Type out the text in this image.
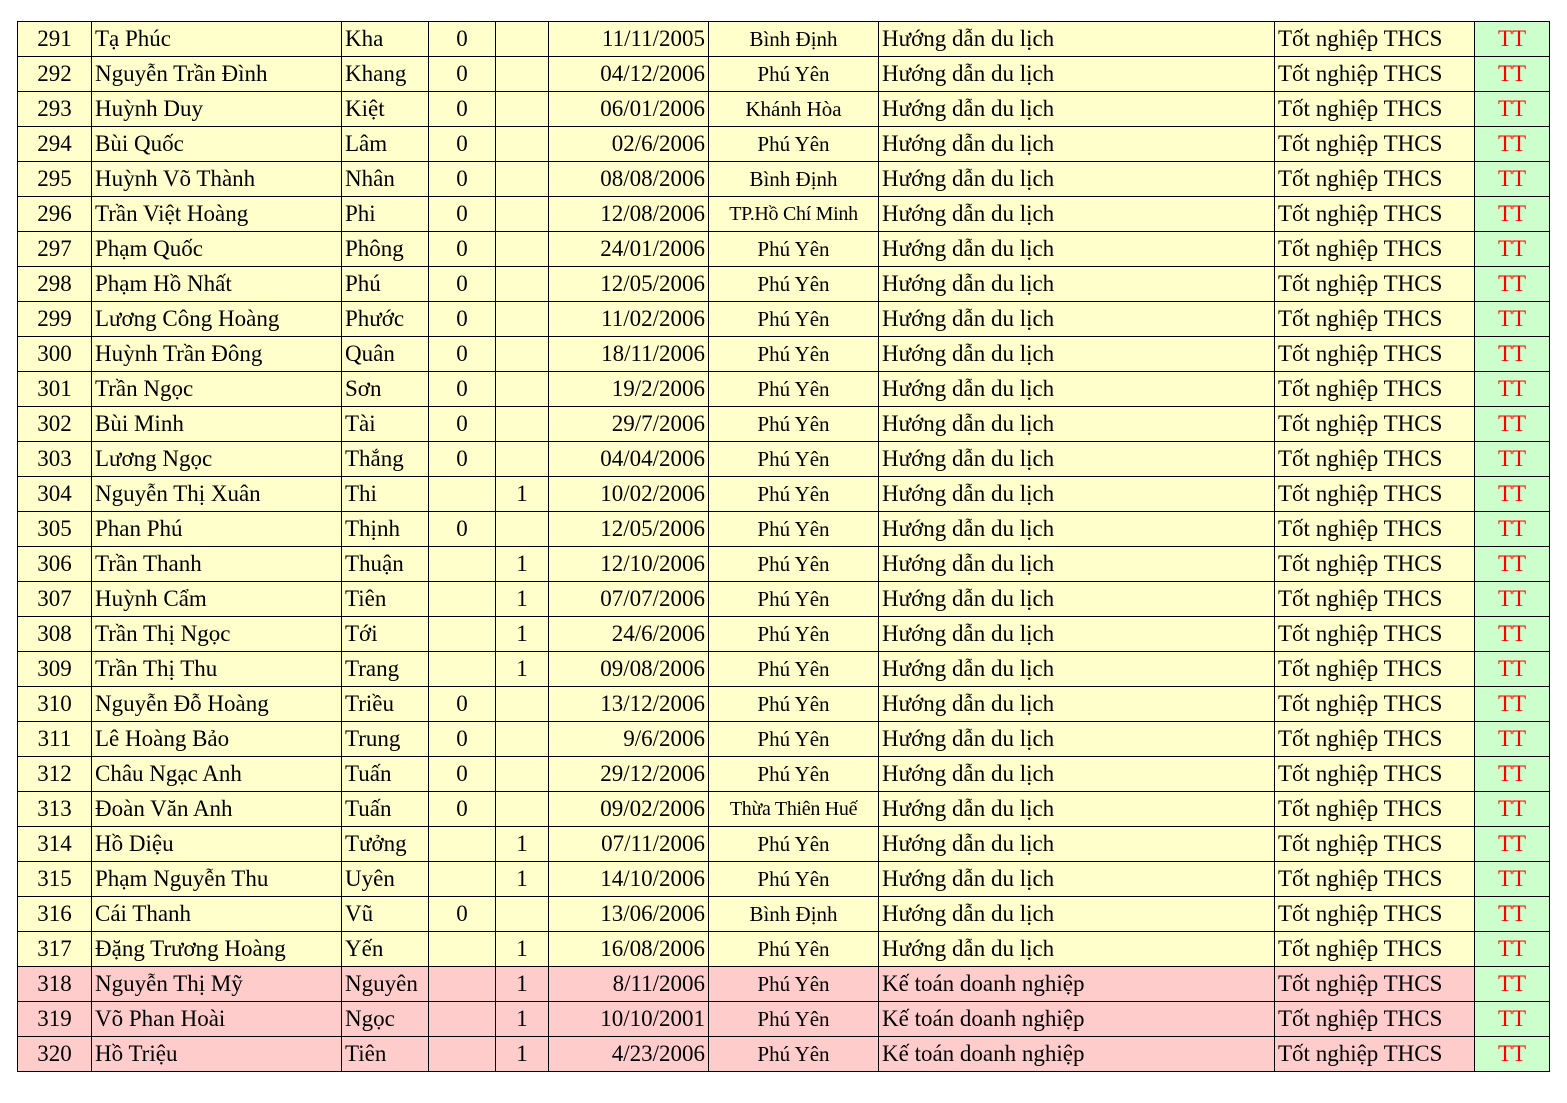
291	Tạ Phúc	Kha	0		11/11/2005	Bình Định	Hướng dẫn du lịch	Tốt nghiệp THCS	TT
292	Nguyễn Trần Đình	Khang	0		04/12/2006	Phú Yên	Hướng dẫn du lịch	Tốt nghiệp THCS	TT
293	Huỳnh Duy	Kiệt	0		06/01/2006	Khánh Hòa	Hướng dẫn du lịch	Tốt nghiệp THCS	TT
294	Bùi Quốc	Lâm	0		02/6/2006	Phú Yên	Hướng dẫn du lịch	Tốt nghiệp THCS	TT
295	Huỳnh Võ Thành	Nhân	0		08/08/2006	Bình Định	Hướng dẫn du lịch	Tốt nghiệp THCS	TT
296	Trần Việt Hoàng	Phi	0		12/08/2006	TP.Hồ Chí Minh	Hướng dẫn du lịch	Tốt nghiệp THCS	TT
297	Phạm Quốc	Phông	0		24/01/2006	Phú Yên	Hướng dẫn du lịch	Tốt nghiệp THCS	TT
298	Phạm Hồ Nhất	Phú	0		12/05/2006	Phú Yên	Hướng dẫn du lịch	Tốt nghiệp THCS	TT
299	Lương Công Hoàng	Phước	0		11/02/2006	Phú Yên	Hướng dẫn du lịch	Tốt nghiệp THCS	TT
300	Huỳnh Trần Đông	Quân	0		18/11/2006	Phú Yên	Hướng dẫn du lịch	Tốt nghiệp THCS	TT
301	Trần Ngọc	Sơn	0		19/2/2006	Phú Yên	Hướng dẫn du lịch	Tốt nghiệp THCS	TT
302	Bùi Minh	Tài	0		29/7/2006	Phú Yên	Hướng dẫn du lịch	Tốt nghiệp THCS	TT
303	Lương Ngọc	Thắng	0		04/04/2006	Phú Yên	Hướng dẫn du lịch	Tốt nghiệp THCS	TT
304	Nguyễn Thị Xuân	Thi		1	10/02/2006	Phú Yên	Hướng dẫn du lịch	Tốt nghiệp THCS	TT
305	Phan Phú	Thịnh	0		12/05/2006	Phú Yên	Hướng dẫn du lịch	Tốt nghiệp THCS	TT
306	Trần Thanh	Thuận		1	12/10/2006	Phú Yên	Hướng dẫn du lịch	Tốt nghiệp THCS	TT
307	Huỳnh Cẩm	Tiên		1	07/07/2006	Phú Yên	Hướng dẫn du lịch	Tốt nghiệp THCS	TT
308	Trần Thị Ngọc	Tới		1	24/6/2006	Phú Yên	Hướng dẫn du lịch	Tốt nghiệp THCS	TT
309	Trần Thị Thu	Trang		1	09/08/2006	Phú Yên	Hướng dẫn du lịch	Tốt nghiệp THCS	TT
310	Nguyễn Đỗ Hoàng	Triều	0		13/12/2006	Phú Yên	Hướng dẫn du lịch	Tốt nghiệp THCS	TT
311	Lê Hoàng Bảo	Trung	0		9/6/2006	Phú Yên	Hướng dẫn du lịch	Tốt nghiệp THCS	TT
312	Châu Ngạc Anh	Tuấn	0		29/12/2006	Phú Yên	Hướng dẫn du lịch	Tốt nghiệp THCS	TT
313	Đoàn Văn Anh	Tuấn	0		09/02/2006	Thừa Thiên Huế	Hướng dẫn du lịch	Tốt nghiệp THCS	TT
314	Hồ Diệu	Tưởng		1	07/11/2006	Phú Yên	Hướng dẫn du lịch	Tốt nghiệp THCS	TT
315	Phạm Nguyễn Thu	Uyên		1	14/10/2006	Phú Yên	Hướng dẫn du lịch	Tốt nghiệp THCS	TT
316	Cái Thanh	Vũ	0		13/06/2006	Bình Định	Hướng dẫn du lịch	Tốt nghiệp THCS	TT
317	Đặng Trương Hoàng	Yến		1	16/08/2006	Phú Yên	Hướng dẫn du lịch	Tốt nghiệp THCS	TT
318	Nguyễn Thị Mỹ	Nguyên		1	8/11/2006	Phú Yên	Kế toán doanh nghiệp	Tốt nghiệp THCS	TT
319	Võ Phan Hoài	Ngọc		1	10/10/2001	Phú Yên	Kế toán doanh nghiệp	Tốt nghiệp THCS	TT
320	Hồ Triệu	Tiên		1	4/23/2006	Phú Yên	Kế toán doanh nghiệp	Tốt nghiệp THCS	TT
